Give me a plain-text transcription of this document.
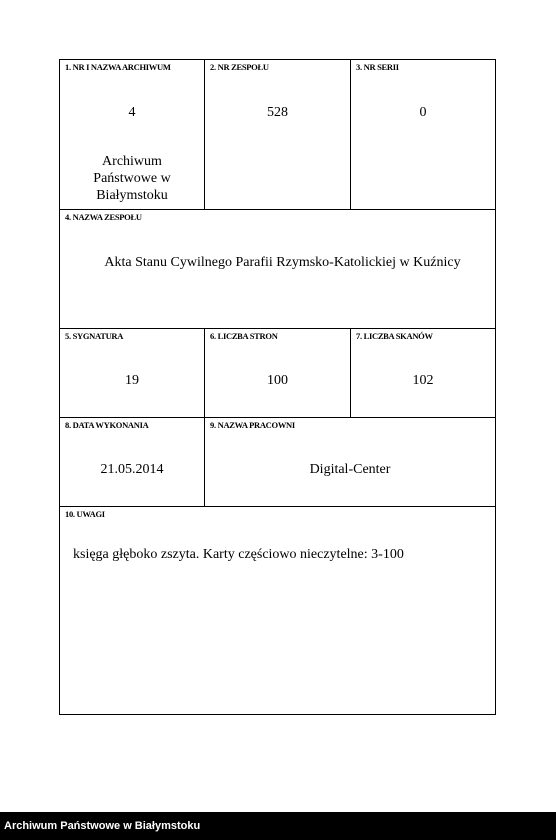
1. NR I NAZWA ARCHIWUM
4
Archiwum Państwowe w Białymstoku
2. NR ZESPOŁU
528
3. NR SERII
0
4. NAZWA ZESPOŁU
Akta Stanu Cywilnego Parafii Rzymsko-Katolickiej w Kuźnicy
5. SYGNATURA
19
6. LICZBA STRON
100
7. LICZBA SKANÓW
102
8. DATA WYKONANIA
21.05.2014
9. NAZWA PRACOWNI
Digital-Center
10. UWAGI
księga głęboko zszyta. Karty częściowo nieczytelne: 3-100
Archiwum Państwowe w Białymstoku
